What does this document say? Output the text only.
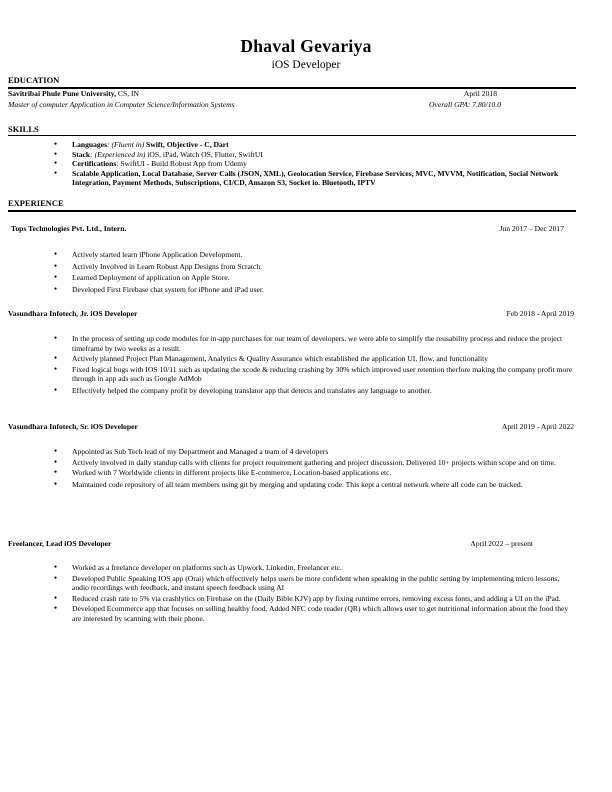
Dhaval Gevariya
iOS Developer
EDUCATION
Savitribai Phule Pune University, CS, IN	April 2018
Master of computer Application in Computer Science/Information Systems	Overall GPA: 7.80/10.0
SKILLS
● Languages: (Fluent in) Swift, Objective - C, Dart
● Stack: (Experienced in) iOS, iPad, Watch OS, Flutter, SwiftUI
● Certifications: SwiftUI - Build Robust App from Udemy
● Scalable Application, Local Database, Server Calls (JSON, XML), Geolocation Service, Firebase Services, MVC, MVVM, Notification, Social Network Integration, Payment Methods, Subscriptions, CI/CD, Amazon S3, Socket io. Bluetooth, IPTV
EXPERIENCE
Tops Technologies Pvt. Ltd., Intern.	Jun 2017 – Dec 2017
● Actively started learn iPhone Application Development.
● Actively Involved in Learn Robust App Designs from Scratch.
● Learned Deployment of application on Apple Store.
● Developed First Firebase chat system for iPhone and iPad user.
Vasundhara Infotech, Jr. iOS Developer	Feb 2018 - April 2019
● In the process of setting up code modules for in-app purchases for our team of developers, we were able to simplify the reusability process and reduce the project timeframe by two weeks as a result.
● Actively planned Project Plan Management, Analytics & Quality Assurance which established the application UI, flow, and functionality
● Fixed logical bugs with IOS 10/11 such as updating the xcode & reducing crashing by 30% which improved user retention therfore making the company profit more through in app ads such as Google AdMob
● Effectively helped the company profit by developing translator app that detects and translates any language to another.
Vasundhara Infotech, Sr. iOS Developer	April 2019 - April 2022
● Appointed as Sub Tech lead of my Department and Managed a team of 4 developers
● Actively involved in daily standup calls with clients for project requirement gathering and project discussion. Delivered 10+ projects within scope and on time.
● Worked with 7 Worldwide clients in different projects like E-commerce, Location-based applications etc.
● Maintained code repository of all team members using git by merging and updating code. This kept a central network where all code can be tracked.
Freelancer, Lead iOS Developer	April 2022 – present
● Worked as a freelance developer on platforms such as Upwork, Linkedin, Freelancer etc.
● Developed Public Speaking IOS app (Orai) which effectively helps users be more confident when speaking in the public setting by implementing micro lessons, audio recordings with feedback, and instant speech feedback using AI
● Reduced crash rate to 5% via crashlytics on Firebase on the (Daily Bible KJV) app by fixing runtime errors, removing excess fonts, and adding a UI on the iPad.
● Developed Ecommerce app that focuses on selling healthy food. Added NFC code reader (QR) which allows user to get nutritional information about the food they are interested by scanning with their phone.
